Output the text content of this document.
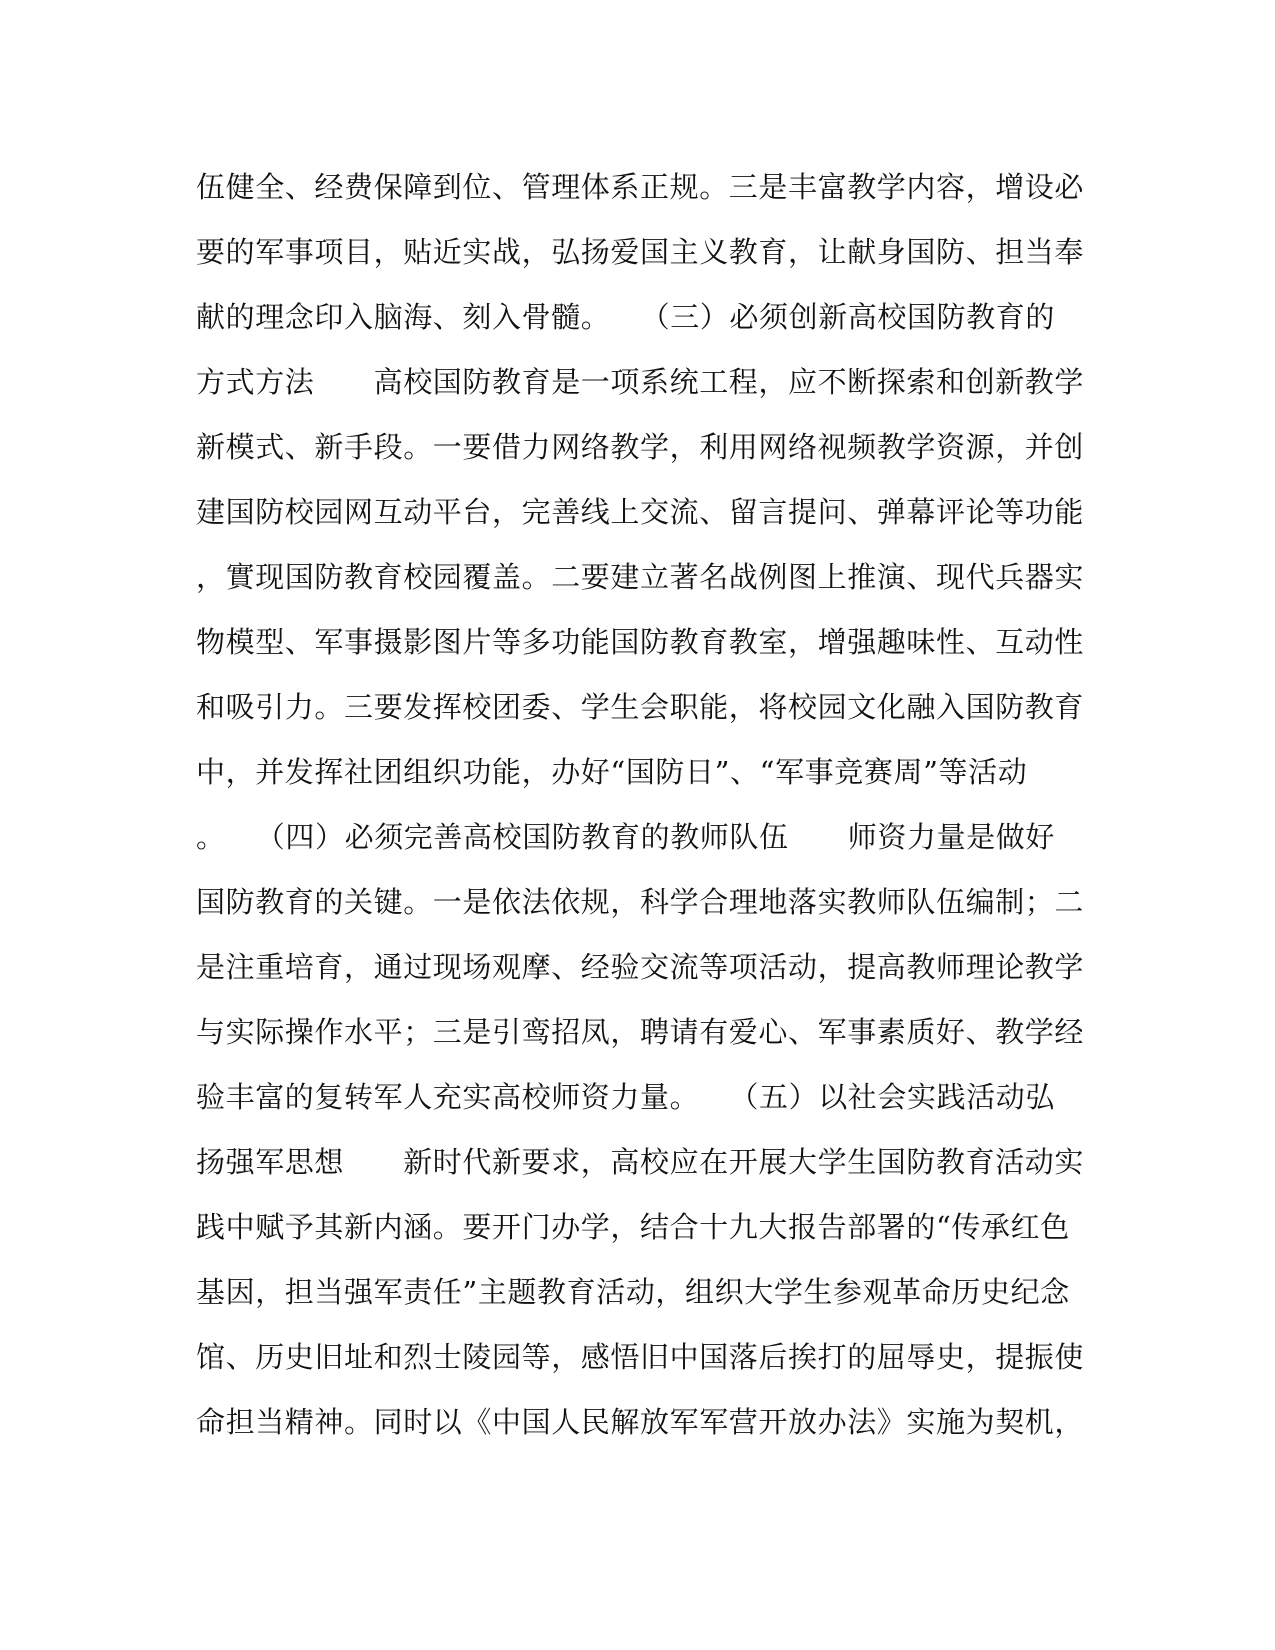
伍健全、经费保障到位、管理体系正规。三是丰富教学内容，增设必
要的军事项目，贴近实战，弘扬爱国主义教育，让献身国防、担当奉
献的理念印入脑海、刻入骨髓。　　（三）必须创新高校国防教育的
方式方法　　高校国防教育是一项系统工程，应不断探索和创新教学
新模式、新手段。一要借力网络教学，利用网络视频教学资源，并创
建国防校园网互动平台，完善线上交流、留言提问、弹幕评论等功能
，實现国防教育校园覆盖。二要建立著名战例图上推演、现代兵器实
物模型、军事摄影图片等多功能国防教育教室，增强趣味性、互动性
和吸引力。三要发挥校团委、学生会职能，将校园文化融入国防教育
中，并发挥社团组织功能，办好“国防日”、“军事竞赛周”等活动
。　　（四）必须完善高校国防教育的教师队伍　　师资力量是做好
国防教育的关键。一是依法依规，科学合理地落实教师队伍编制；二
是注重培育，通过现场观摩、经验交流等项活动，提高教师理论教学
与实际操作水平；三是引鸾招凤，聘请有爱心、军事素质好、教学经
验丰富的复转军人充实高校师资力量。　　（五）以社会实践活动弘
扬强军思想　　新时代新要求，高校应在开展大学生国防教育活动实
践中赋予其新内涵。要开门办学，结合十九大报告部署的“传承红色
基因，担当强军责任”主题教育活动，组织大学生参观革命历史纪念
馆、历史旧址和烈士陵园等，感悟旧中国落后挨打的屈辱史，提振使
命担当精神。同时以《中国人民解放军军营开放办法》实施为契机，
